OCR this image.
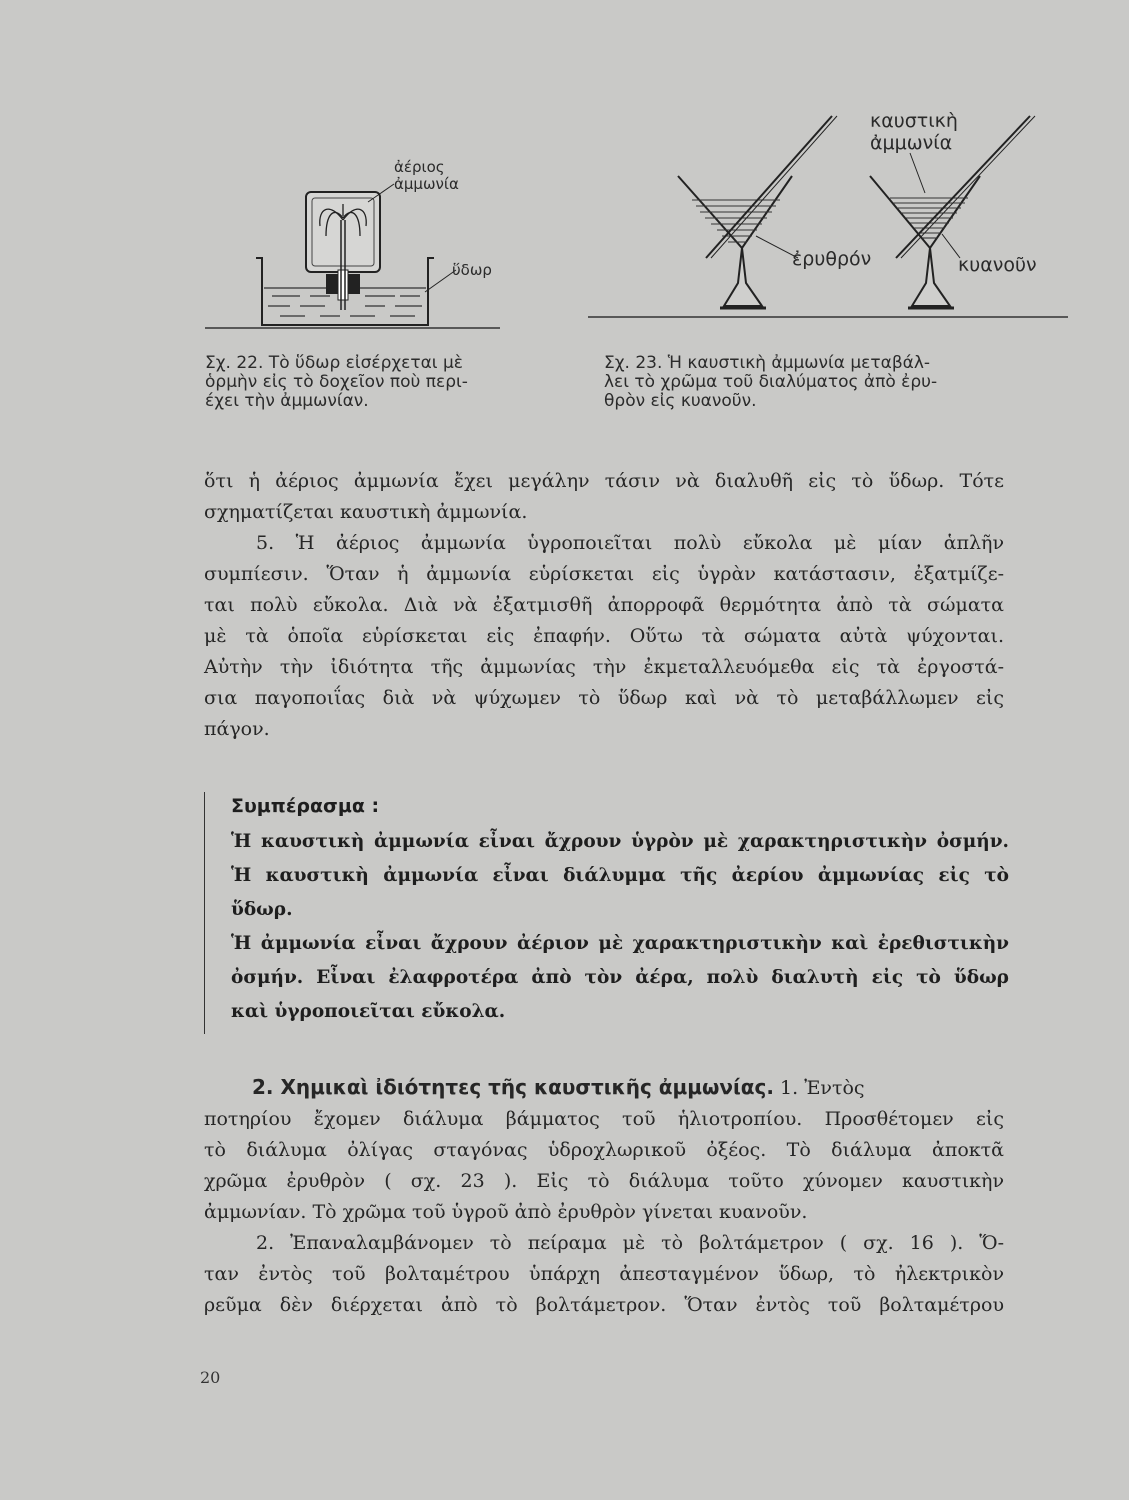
ἀέριος
ἀμμωνία
ὕδωρ
Σχ. 22. Τὸ ὕδωρ εἰσέρχεται μὲ
ὁρμὴν εἰς τὸ δοχεῖον ποὺ περι-
έχει τὴν ἀμμωνίαν.
καυστικὴ
ἀμμωνία
ἐρυθρόν	κυανοῦν
Σχ. 23. Ἡ καυστικὴ ἀμμωνία μεταβάλ-
λει τὸ χρῶμα τοῦ διαλύματος ἀπὸ ἐρυ-
θρὸν εἰς κυανοῦν.
ὅτι ἡ ἀέριος ἀμμωνία ἔχει μεγάλην τάσιν νὰ διαλυθῆ εἰς τὸ ὕδωρ. Τότε
σχηματίζεται καυστικὴ ἀμμωνία.
5. Ἡ ἀέριος ἀμμωνία ὑγροποιεῖται πολὺ εὔκολα μὲ μίαν ἁπλῆν
συμπίεσιν. Ὅταν ἡ ἀμμωνία εὑρίσκεται εἰς ὑγρὰν κατάστασιν, ἐξατμίζε-
ται πολὺ εὔκολα. Διὰ νὰ ἐξατμισθῆ ἀπορροφᾶ θερμότητα ἀπὸ τὰ σώματα
μὲ τὰ ὁποῖα εὑρίσκεται εἰς ἐπαφήν. Οὕτω τὰ σώματα αὐτὰ ψύχονται.
Αὐτὴν τὴν ἰδιότητα τῆς ἀμμωνίας τὴν ἐκμεταλλευόμεθα εἰς τὰ ἐργοστά-
σια παγοποιΐας διὰ νὰ ψύχωμεν τὸ ὕδωρ καὶ νὰ τὸ μεταβάλλωμεν εἰς
πάγον.
Συμπέρασμα :
Ἡ καυστικὴ ἀμμωνία εἶναι ἄχρουν ὑγρὸν μὲ χαρακτηριστικὴν ὀσμήν.
Ἡ καυστικὴ ἀμμωνία εἶναι διάλυμμα τῆς ἀερίου ἀμμωνίας εἰς τὸ
ὕδωρ.
Ἡ ἀμμωνία εἶναι ἄχρουν ἀέριον μὲ χαρακτηριστικὴν καὶ ἐρεθιστικὴν
ὀσμήν. Εἶναι ἐλαφροτέρα ἀπὸ τὸν ἀέρα, πολὺ διαλυτὴ εἰς τὸ ὕδωρ
καὶ ὑγροποιεῖται εὔκολα.
2. Χημικαὶ ἰδιότητες τῆς καυστικῆς ἀμμωνίας. 1. Ἐντὸς
ποτηρίου ἔχομεν διάλυμα βάμματος τοῦ ἡλιοτροπίου. Προσθέτομεν εἰς
τὸ διάλυμα ὀλίγας σταγόνας ὑδροχλωρικοῦ ὀξέος. Τὸ διάλυμα ἀποκτᾶ
χρῶμα ἐρυθρὸν ( σχ. 23 ). Εἰς τὸ διάλυμα τοῦτο χύνομεν καυστικὴν
ἀμμωνίαν. Τὸ χρῶμα τοῦ ὑγροῦ ἀπὸ ἐρυθρὸν γίνεται κυανοῦν.
2. Ἐπαναλαμβάνομεν τὸ πείραμα μὲ τὸ βολτάμετρον ( σχ. 16 ). Ὅ-
ταν ἐντὸς τοῦ βολταμέτρου ὑπάρχη ἀπεσταγμένον ὕδωρ, τὸ ἠλεκτρικὸν
ρεῦμα δὲν διέρχεται ἀπὸ τὸ βολτάμετρον. Ὅταν ἐντὸς τοῦ βολταμέτρου
20
